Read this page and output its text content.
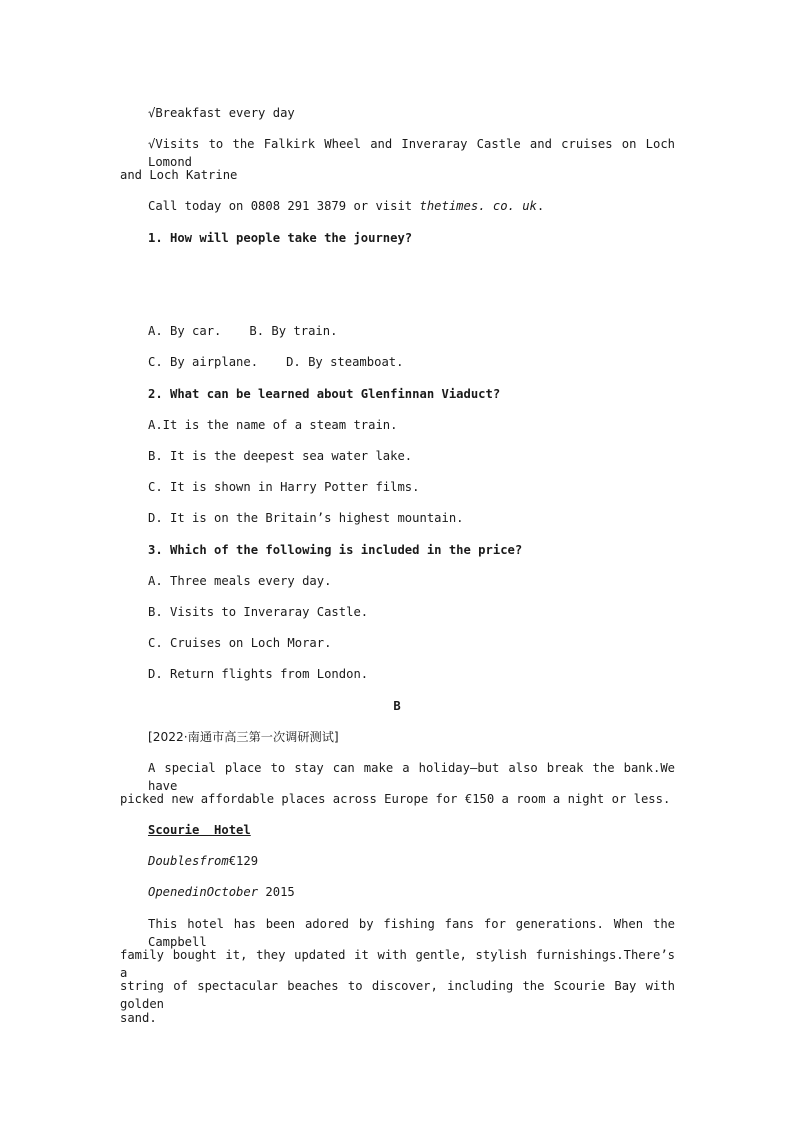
√Breakfast every day
√Visits to the Falkirk Wheel and Inveraray Castle and cruises on Loch Lomond
and Loch Katrine
Call today on 0808 291 3879 or visit thetimes. co. uk.
1. How will people take the journey?
A. By car. B. By train.
C. By airplane. D. By steamboat.
2. What can be learned about Glenfinnan Viaduct?
A.It is the name of a steam train.
B. It is the deepest sea water lake.
C. It is shown in Harry Potter films.
D. It is on the Britain’s highest mountain.
3. Which of the following is included in the price?
A. Three meals every day.
B. Visits to Inveraray Castle.
C. Cruises on Loch Morar.
D. Return flights from London.
B
[2022·南通市高三第一次调研测试]
A special place to stay can make a holiday—but also break the bank.We have
picked new affordable places across Europe for €150 a room a night or less.
Scourie  Hotel
Doublesfrom€129
OpenedinOctober 2015
This hotel has been adored by fishing fans for generations. When the Campbell
family bought it, they updated it with gentle, stylish furnishings.There’s a
string of spectacular beaches to discover, including the Scourie Bay with golden
sand.
